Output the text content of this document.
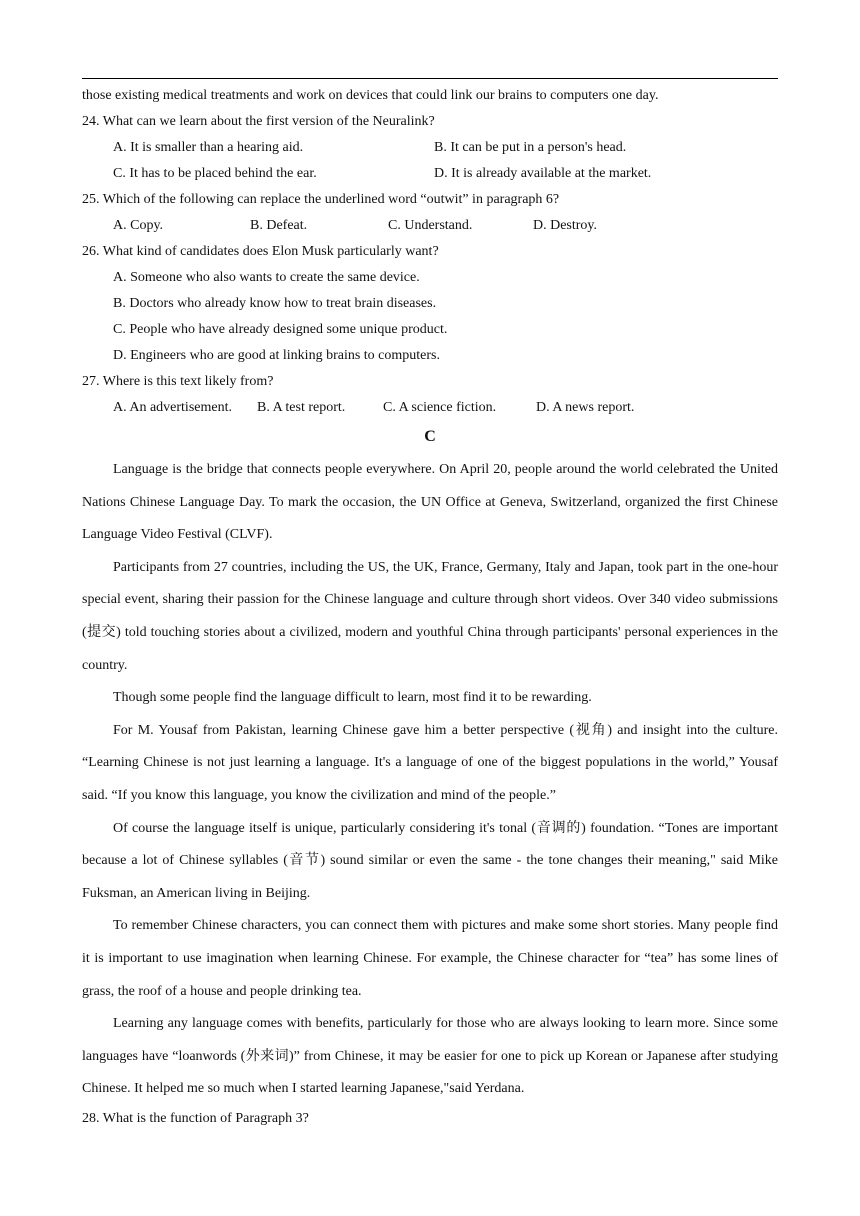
those existing medical treatments and work on devices that could link our brains to computers one day.
24. What can we learn about the first version of the Neuralink?
A. It is smaller than a hearing aid.	B. It can be put in a person's head.
C. It has to be placed behind the ear.	D. It is already available at the market.
25. Which of the following can replace the underlined word “outwit” in paragraph 6?
A. Copy.	B. Defeat.	C. Understand.	D. Destroy.
26. What kind of candidates does Elon Musk particularly want?
A. Someone who also wants to create the same device.
B. Doctors who already know how to treat brain diseases.
C. People who have already designed some unique product.
D. Engineers who are good at linking brains to computers.
27. Where is this text likely from?
A. An advertisement.	B. A test report.	C. A science fiction.	D. A news report.
C

Language is the bridge that connects people everywhere. On April 20, people around the world celebrated the United Nations Chinese Language Day. To mark the occasion, the UN Office at Geneva, Switzerland, organized the first Chinese Language Video Festival (CLVF).

Participants from 27 countries, including the US, the UK, France, Germany, Italy and Japan, took part in the one-hour special event, sharing their passion for the Chinese language and culture through short videos. Over 340 video submissions (提交) told touching stories about a civilized, modern and youthful China through participants' personal experiences in the country.

Though some people find the language difficult to learn, most find it to be rewarding.

For M. Yousaf from Pakistan, learning Chinese gave him a better perspective (视角) and insight into the culture. “Learning Chinese is not just learning a language. It's a language of one of the biggest populations in the world,” Yousaf said. “If you know this language, you know the civilization and mind of the people.”

Of course the language itself is unique, particularly considering it's tonal (音调的) foundation. “Tones are important because a lot of Chinese syllables (音节) sound similar or even the same - the tone changes their meaning," said Mike Fuksman, an American living in Beijing.

To remember Chinese characters, you can connect them with pictures and make some short stories. Many people find it is important to use imagination when learning Chinese. For example, the Chinese character for “tea” has some lines of grass, the roof of a house and people drinking tea.

Learning any language comes with benefits, particularly for those who are always looking to learn more. Since some languages have “loanwords (外来词)” from Chinese, it may be easier for one to pick up Korean or Japanese after studying Chinese. It helped me so much when I started learning Japanese,"said Yerdana.

28. What is the function of Paragraph 3?
